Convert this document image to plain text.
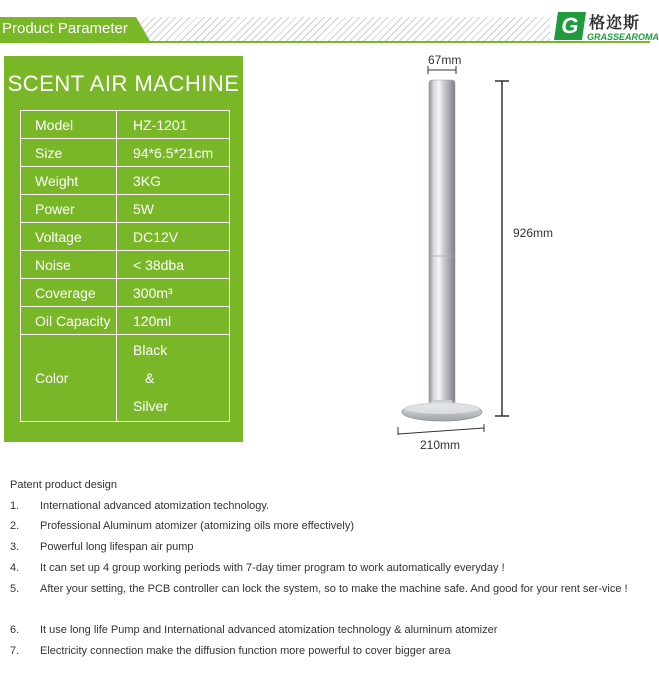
Product Parameter	G 格迩斯
GRASSEAROMA
SCENT AIR MACHINE
Model	HZ-1201
Size	94*6.5*21cm
Weight	3KG
Power	5W
Voltage	DC12V
Noise	< 38dba
Coverage	300m³
Oil Capacity	120ml
Color	Black
&
Silver
67mm
926mm
210mm
Patent product design
1. International advanced atomization technology.
2. Professional Aluminum atomizer (atomizing oils more effectively)
3. Powerful long lifespan air pump
4. It can set up 4 group working periods with 7-day timer program to work automatically everyday !
5. After your setting, the PCB controller can lock the system, so to make the machine safe. And good for your rent ser-vice !
6. It use long life Pump and International advanced atomization technology & aluminum atomizer
7. Electricity connection make the diffusion function more powerful to cover bigger area
